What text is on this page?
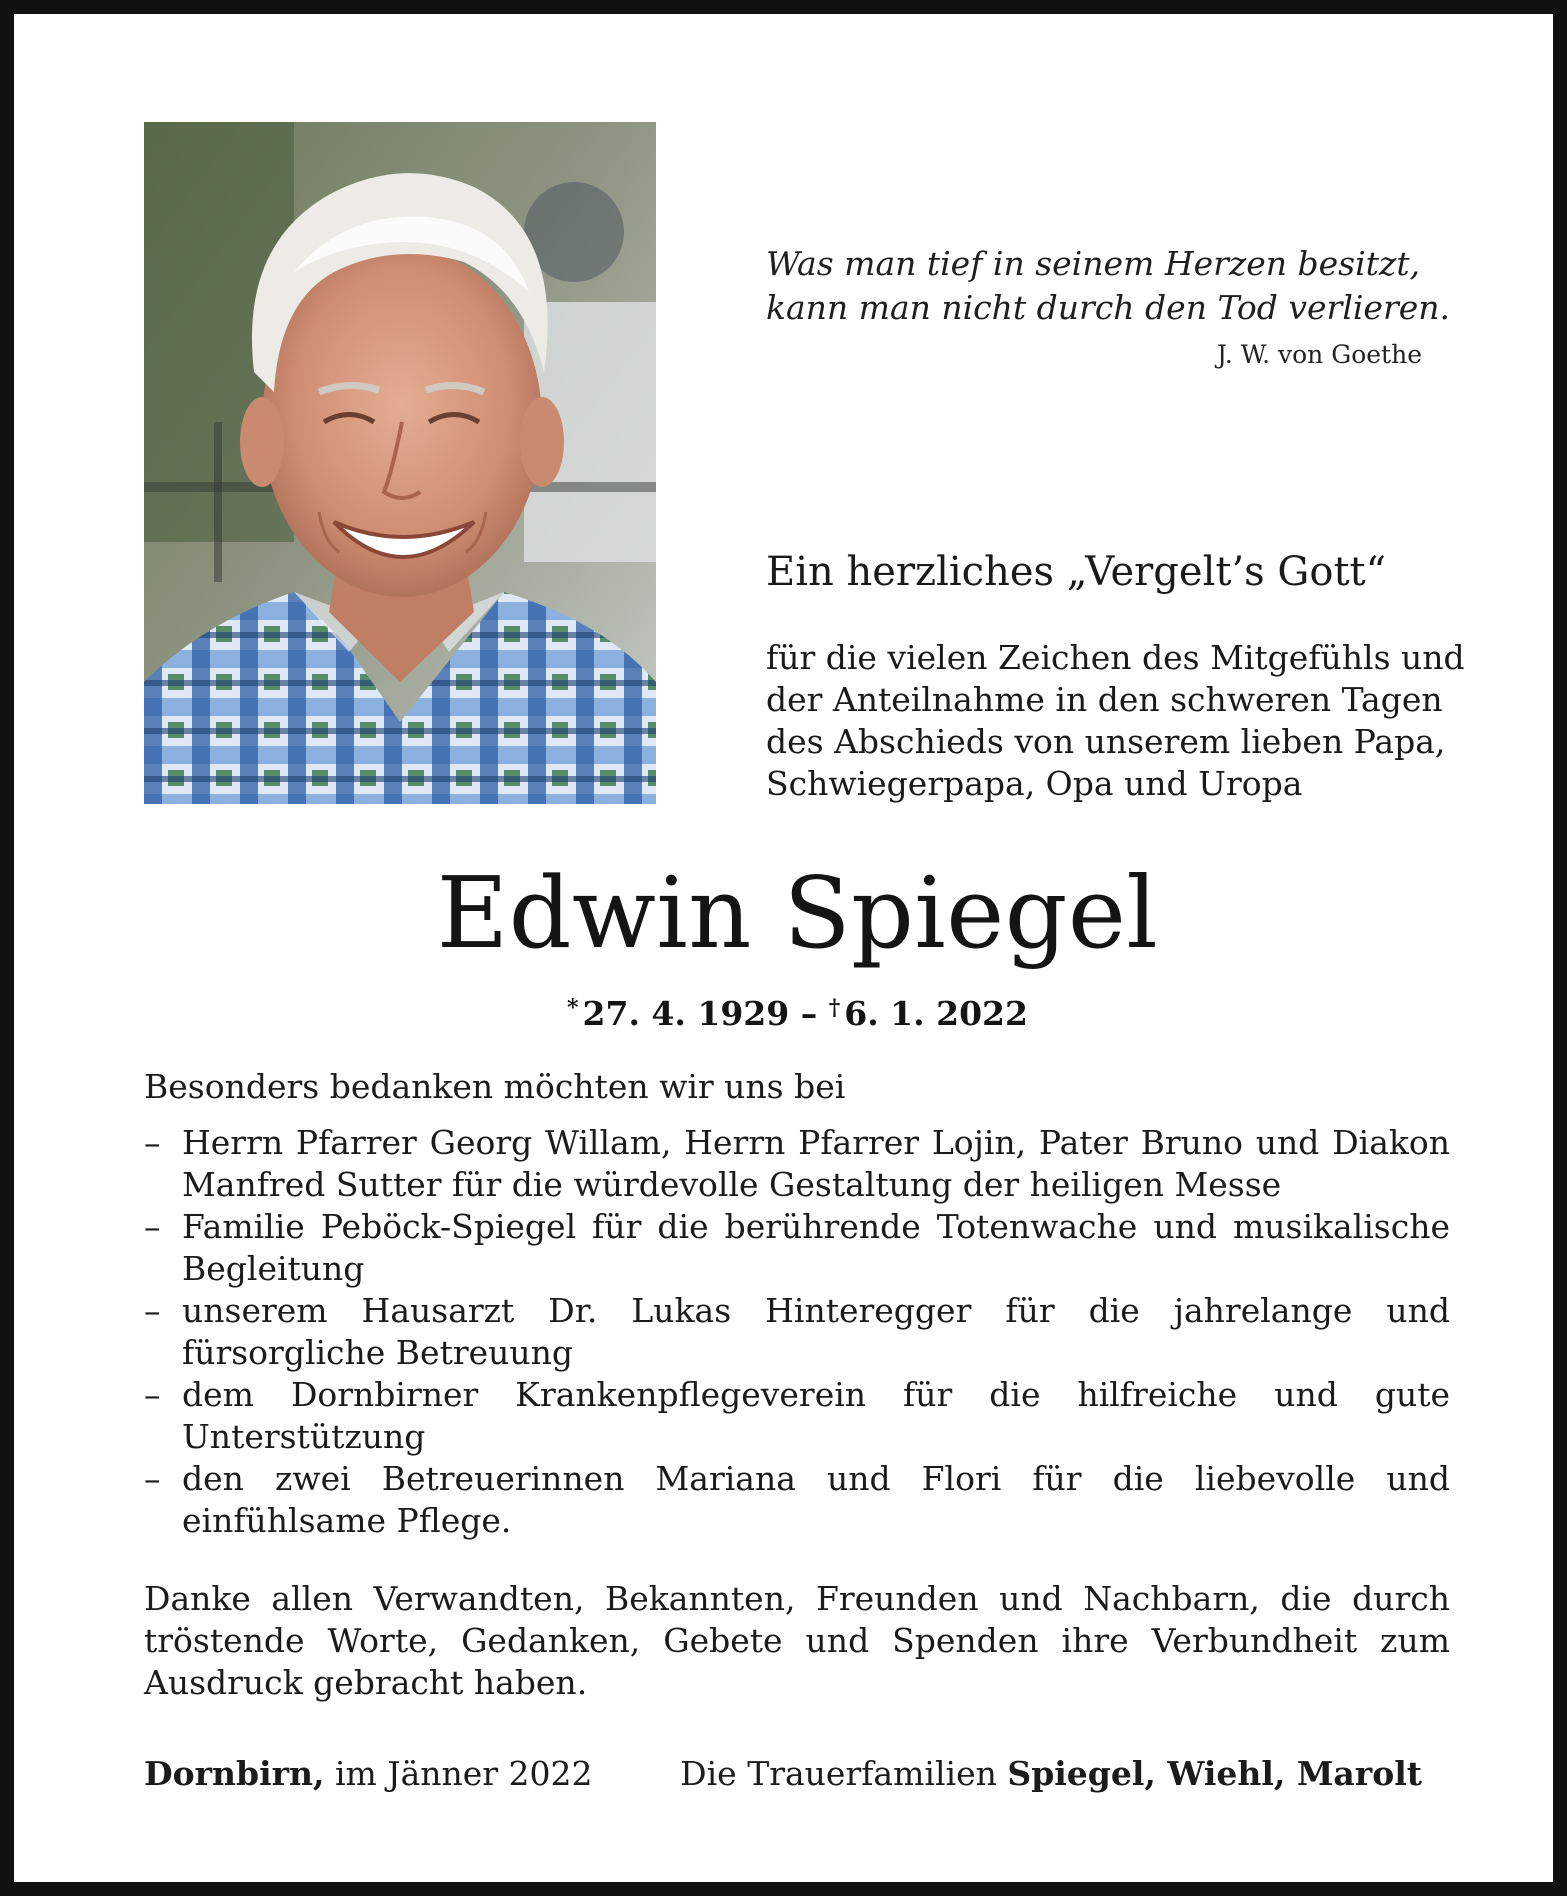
Was man tief in seinem Herzen besitzt,
kann man nicht durch den Tod verlieren.
J. W. von Goethe
Ein herzliches „Vergelt’s Gott“
für die vielen Zeichen des Mitgefühls und
der Anteilnahme in den schweren Tagen
des Abschieds von unserem lieben Papa,
Schwiegerpapa, Opa und Uropa
Edwin Spiegel
* 27. 4. 1929 – † 6. 1. 2022
Besonders bedanken möchten wir uns bei
– Herrn Pfarrer Georg Willam, Herrn Pfarrer Lojin, Pater Bruno und Diakon Manfred Sutter für die würdevolle Gestaltung der heiligen Messe
– Familie Peböck-Spiegel für die berührende Totenwache und musikalische Begleitung
– unserem Hausarzt Dr. Lukas Hinteregger für die jahrelange und fürsorgliche Betreuung
– dem Dornbirner Krankenpflegeverein für die hilfreiche und gute Unterstützung
– den zwei Betreuerinnen Mariana und Flori für die liebevolle und einfühlsame Pflege.
Danke allen Verwandten, Bekannten, Freunden und Nachbarn, die durch tröstende Worte, Gedanken, Gebete und Spenden ihre Verbundheit zum Ausdruck gebracht haben.
Dornbirn, im Jänner 2022	Die Trauerfamilien Spiegel, Wiehl, Marolt
